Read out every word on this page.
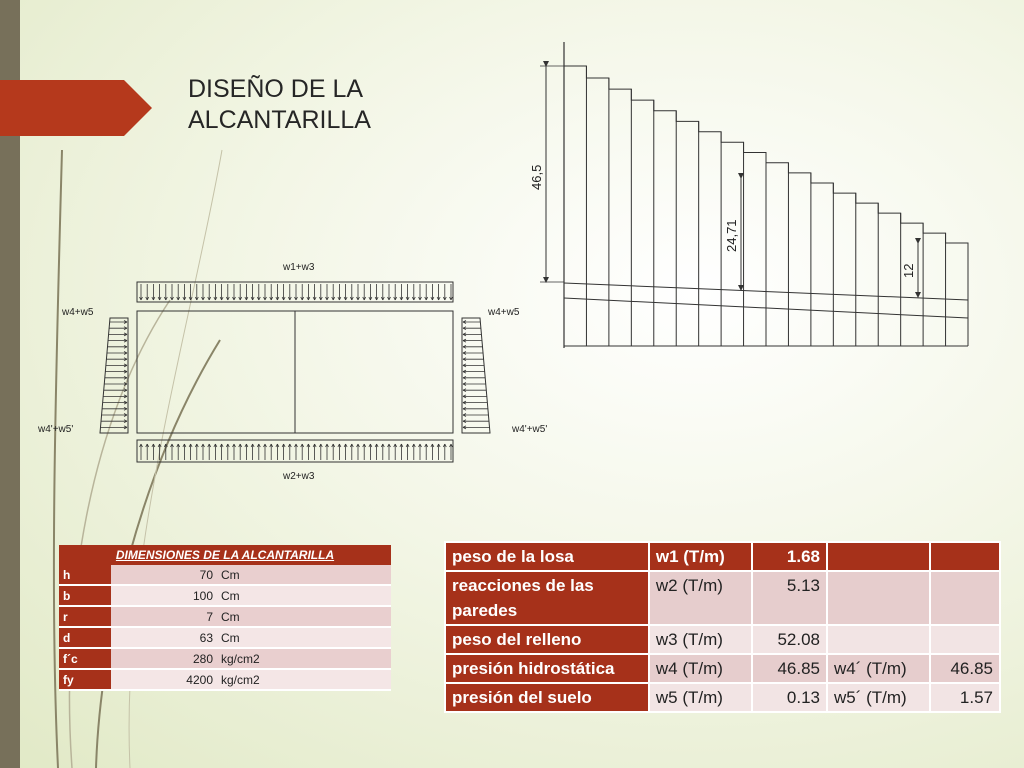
DISEÑO DE LA
ALCANTARILLA
w1+w3
w2+w3
w4+w5	w4+w5
w4'+w5'	w4'+w5'
46,5
24,71
12
DIMENSIONES DE LA ALCANTARILLA		
h	70	Cm
b	100	Cm
r	7	Cm
d	63	Cm
f´c	280	kg/cm2
fy	4200	kg/cm2
peso de la losa	w1 (T/m)	1.68		
reacciones de las paredes	w2 (T/m)	5.13		
peso del relleno	w3 (T/m)	52.08		
presión hidrostática	w4 (T/m)	46.85	w4´ (T/m)	46.85
presión del suelo	w5 (T/m)	0.13	w5´ (T/m)	1.57
